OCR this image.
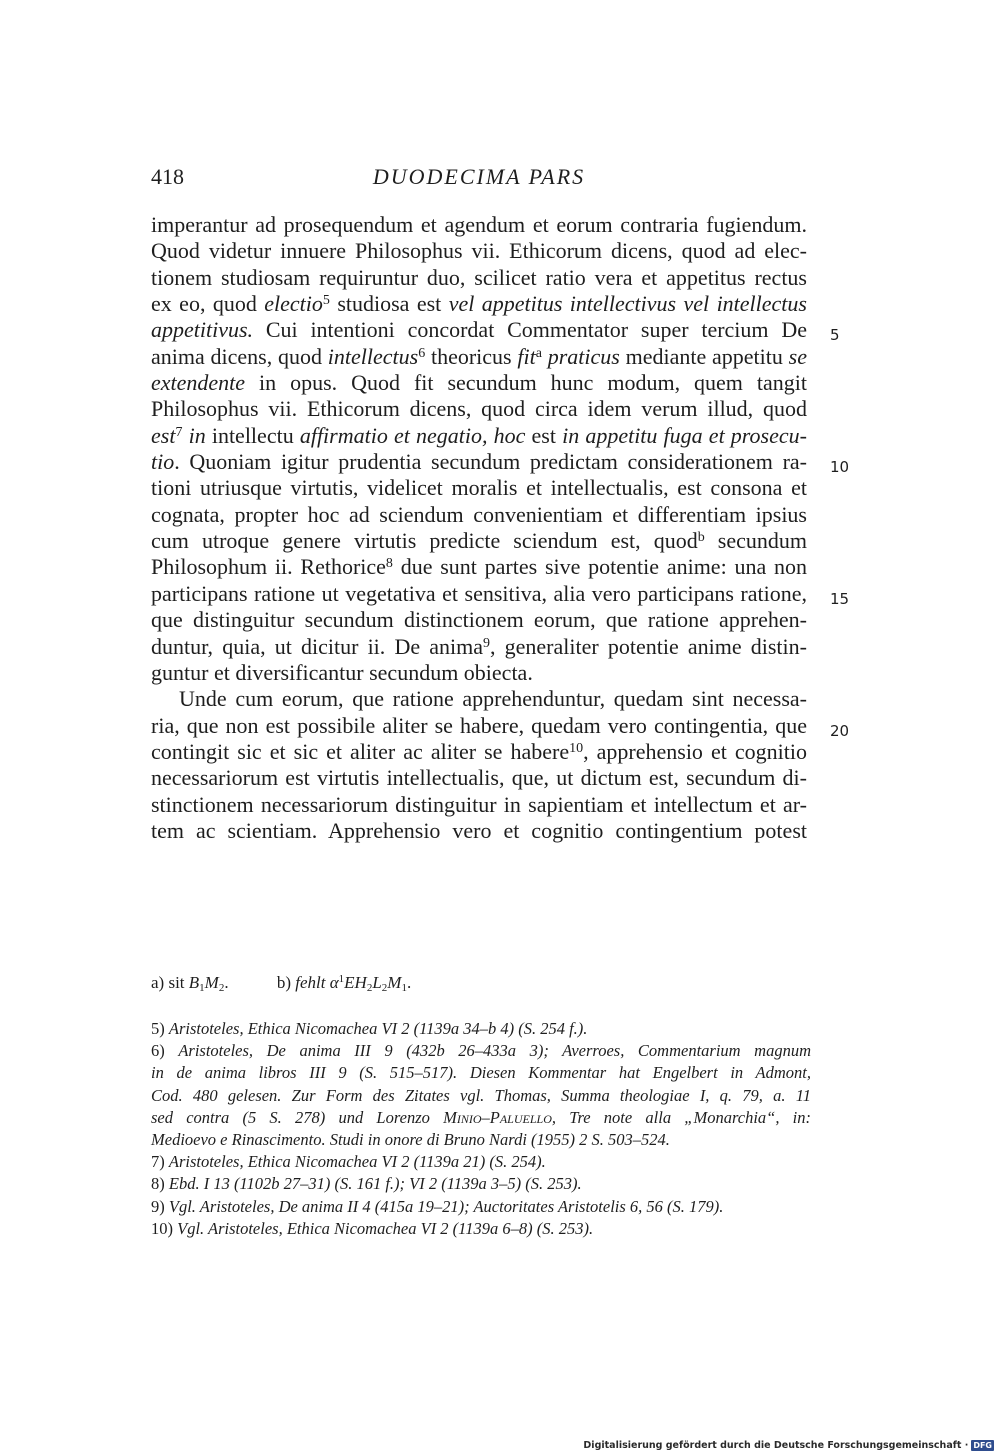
418	DUODECIMA PARS
imperantur ad prosequendum et agendum et eorum contraria fugiendum.
Quod videtur innuere Philosophus vii. Ethicorum dicens, quod ad elec-
tionem studiosam requiruntur duo, scilicet ratio vera et appetitus rectus
ex eo, quod electio$^5$ studiosa est vel appetitus intellectivus vel intellectus
appetitivus. Cui intentioni concordat Commentator super tercium De
anima dicens, quod intellectus$^6$ theoricus fit$^a$ praticus mediante appetitu se
extendente in opus. Quod fit secundum hunc modum, quem tangit
Philosophus vii. Ethicorum dicens, quod circa idem verum illud, quod
est$^7$ in intellectu affirmatio et negatio, hoc est in appetitu fuga et prosecu-
tio. Quoniam igitur prudentia secundum predictam considerationem ra-
tioni utriusque virtutis, videlicet moralis et intellectualis, est consona et
cognata, propter hoc ad sciendum convenientiam et differentiam ipsius
cum utroque genere virtutis predicte sciendum est, quod$^b$ secundum
Philosophum ii. Rethorice$^8$ due sunt partes sive potentie anime: una non
participans ratione ut vegetativa et sensitiva, alia vero participans ratione,
que distinguitur secundum distinctionem eorum, que ratione apprehen-
duntur, quia, ut dicitur ii. De anima$^9$, generaliter potentie anime distin-
guntur et diversificantur secundum obiecta.
Unde cum eorum, que ratione apprehenduntur, quedam sint necessa-
ria, que non est possibile aliter se habere, quedam vero contingentia, que
contingit sic et sic et aliter ac aliter se habere$^{10}$, apprehensio et cognitio
necessariorum est virtutis intellectualis, que, ut dictum est, secundum di-
stinctionem necessariorum distinguitur in sapientiam et intellectum et ar-
tem ac scientiam. Apprehensio vero et cognitio contingentium potest
5
10
15
20
a) sit $B_1M_2$.	b) fehlt $\alpha^1EH_2L_2M_1$.
5) Aristoteles, Ethica Nicomachea VI 2 (1139a 34–b 4) (S. 254 f.).
6) Aristoteles, De anima III 9 (432b 26–433a 3); Averroes, Commentarium magnum
in de anima libros III 9 (S. 515–517). Diesen Kommentar hat Engelbert in Admont,
Cod. 480 gelesen. Zur Form des Zitates vgl. Thomas, Summa theologiae I, q. 79, a. 11
sed contra (5 S. 278) und Lorenzo Minio–Paluello, Tre note alla „Monarchia“, in:
Medioevo e Rinascimento. Studi in onore di Bruno Nardi (1955) 2 S. 503–524.
7) Aristoteles, Ethica Nicomachea VI 2 (1139a 21) (S. 254).
8) Ebd. I 13 (1102b 27–31) (S. 161 f.); VI 2 (1139a 3–5) (S. 253).
9) Vgl. Aristoteles, De anima II 4 (415a 19–21); Auctoritates Aristotelis 6, 56 (S. 179).
10) Vgl. Aristoteles, Ethica Nicomachea VI 2 (1139a 6–8) (S. 253).
Digitalisierung gefördert durch die Deutsche Forschungsgemeinschaft · DFG
